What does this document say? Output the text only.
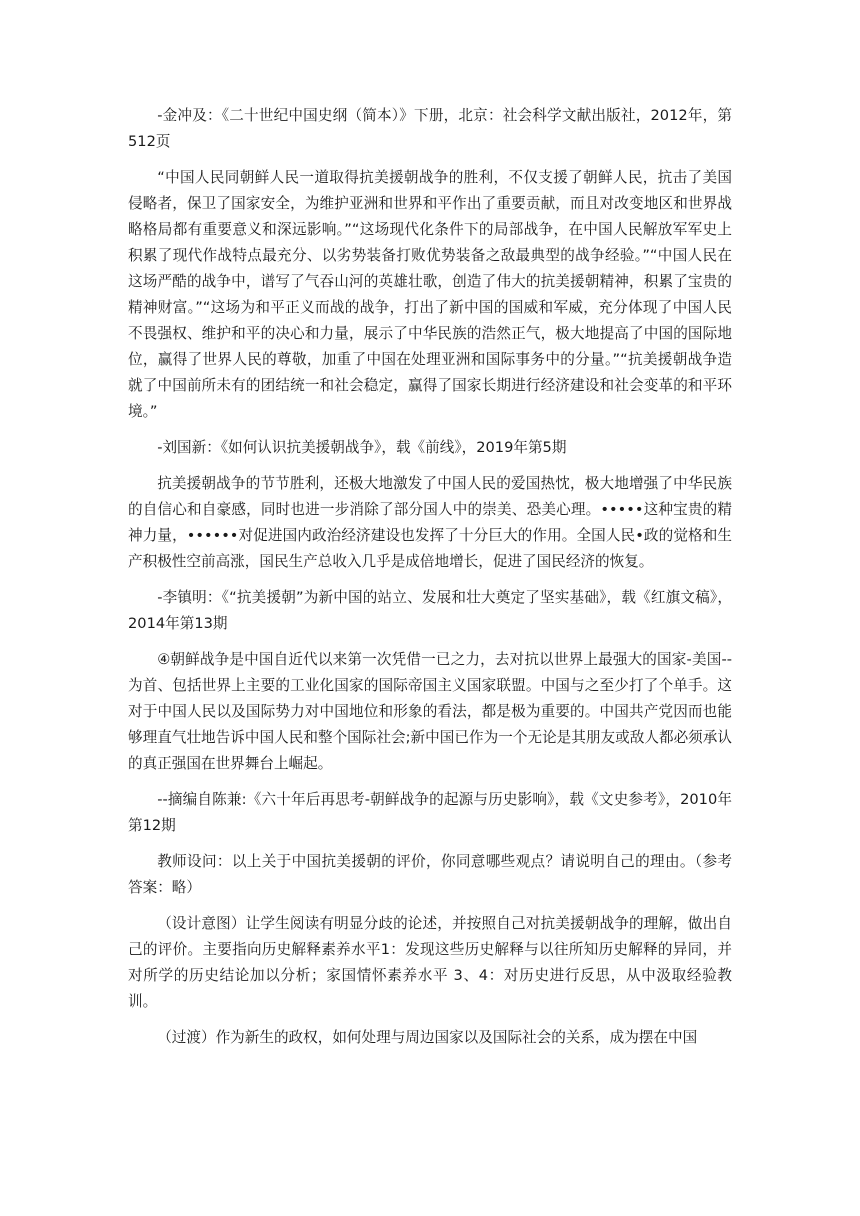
-金冲及：《二十世纪中国史纲（简本）》下册，北京：社会科学文献出版社，2012年，第512页

“中国人民同朝鲜人民一道取得抗美援朝战争的胜利，不仅支援了朝鲜人民，抗击了美国侵略者，保卫了国家安全，为维护亚洲和世界和平作出了重要贡献，而且对改变地区和世界战略格局都有重要意义和深远影响。”“这场现代化条件下的局部战争，在中国人民解放军军史上积累了现代作战特点最充分、以劣势装备打败优势装备之敌最典型的战争经验。”“中国人民在这场严酷的战争中，谱写了气吞山河的英雄壮歌，创造了伟大的抗美援朝精神，积累了宝贵的精神财富。”“这场为和平正义而战的战争，打出了新中国的国威和军威，充分体现了中国人民不畏强权、维护和平的决心和力量，展示了中华民族的浩然正气，极大地提高了中国的国际地位，赢得了世界人民的尊敬，加重了中国在处理亚洲和国际事务中的分量。”“抗美援朝战争造就了中国前所未有的团结统一和社会稳定，赢得了国家长期进行经济建设和社会变革的和平环境。”

-刘国新：《如何认识抗美援朝战争》，载《前线》，2019年第5期

抗美援朝战争的节节胜利，还极大地激发了中国人民的爱国热忱，极大地增强了中华民族的自信心和自豪感，同时也进一步消除了部分国人中的崇美、恐美心理。•••••这种宝贵的精神力量，••••••对促进国内政治经济建设也发挥了十分巨大的作用。全国人民•政的觉格和生产积极性空前高涨，国民生产总收入几乎是成倍地增长，促进了国民经济的恢复。

-李镇明：《“抗美援朝”为新中国的站立、发展和壮大奠定了坚实基础》，载《红旗文稿》，2014年第13期

④朝鲜战争是中国自近代以来第一次凭借一已之力，去对抗以世界上最强大的国家-美国--为首、包括世界上主要的工业化国家的国际帝国主义国家联盟。中国与之至少打了个单手。这对于中国人民以及国际势力对中国地位和形象的看法，都是极为重要的。中国共产党因而也能够理直气壮地告诉中国人民和整个国际社会;新中国已作为一个无论是其朋友或敌人都必须承认的真正强国在世界舞台上崛起。

--摘编自陈兼:《六十年后再思考-朝鲜战争的起源与历史影响》，载《文史参考》，2010年第12期

教师设问：以上关于中国抗美援朝的评价，你同意哪些观点？请说明自己的理由。（参考答案：略）

（设计意图）让学生阅读有明显分歧的论述，并按照自己对抗美援朝战争的理解，做出自己的评价。主要指向历史解释素养水平1：发现这些历史解释与以往所知历史解释的异同，并对所学的历史结论加以分析；家国情怀素养水平 3、4：对历史进行反思，从中汲取经验教训。

（过渡）作为新生的政权，如何处理与周边国家以及国际社会的关系，成为摆在中国
